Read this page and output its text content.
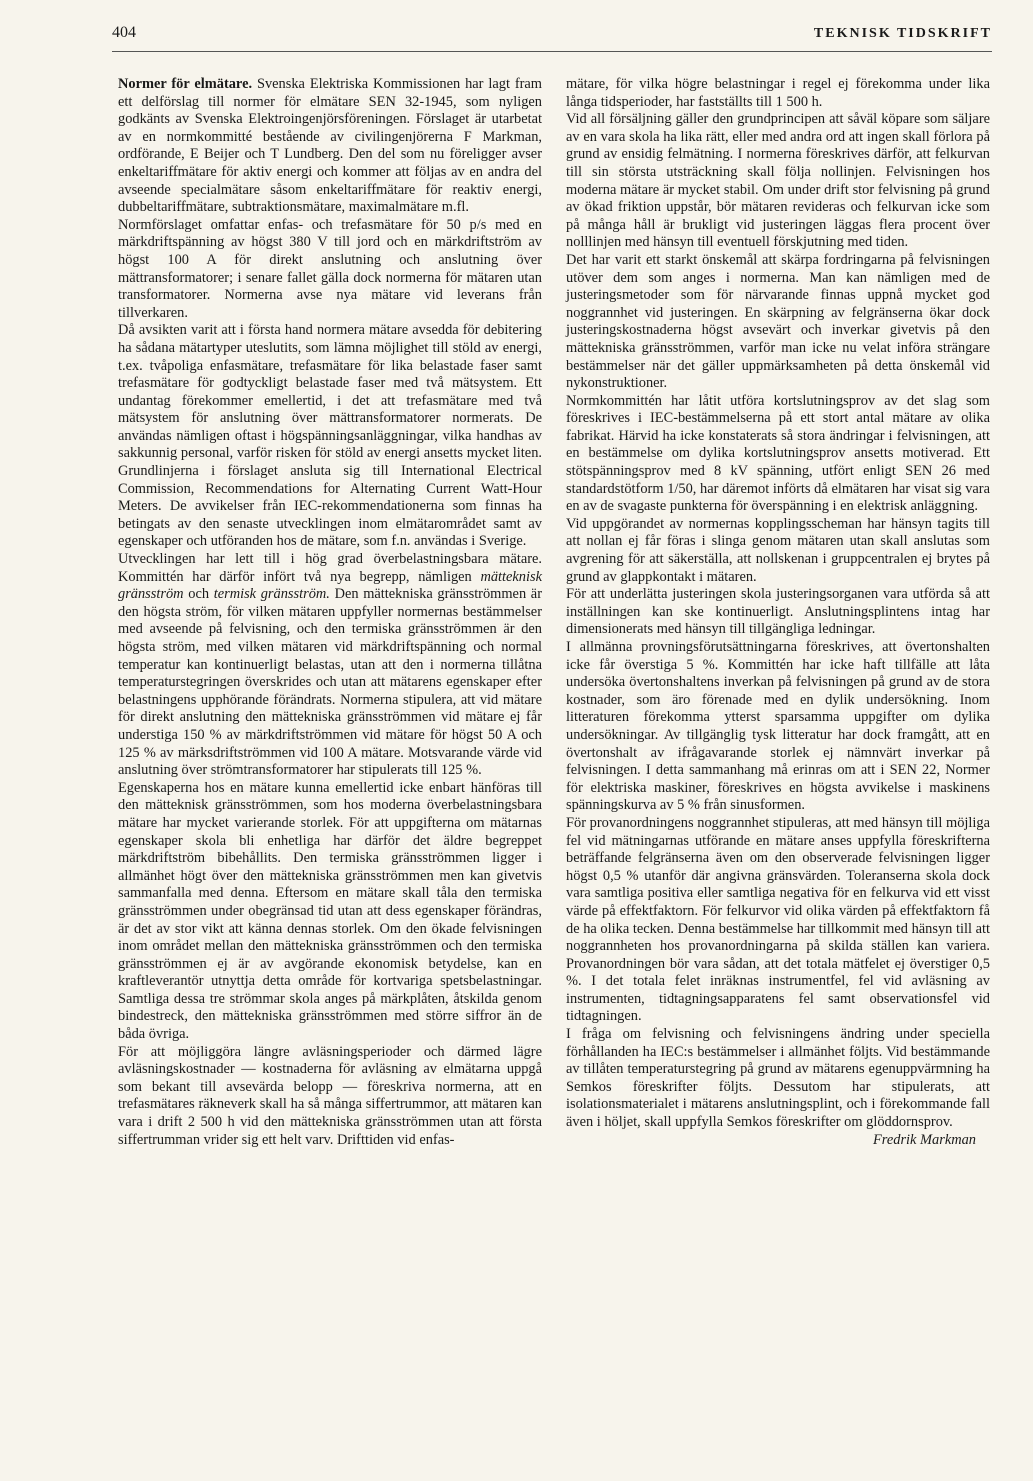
404	TEKNISK TIDSKRIFT

Normer för elmätare. Svenska Elektriska Kommissionen har lagt fram ett delförslag till normer för elmätare SEN 32-1945, som nyligen godkänts av Svenska Elektroingenjörsföreningen. Förslaget är utarbetat av en normkommitté bestående av civilingenjörerna F Markman, ordförande, E Beijer och T Lundberg. Den del som nu föreligger avser enkeltariffmätare för aktiv energi och kommer att följas av en andra del avseende specialmätare såsom enkeltariffmätare för reaktiv energi, dubbeltariffmätare, subtraktionsmätare, maximalmätare m.fl.

Normförslaget omfattar enfas- och trefasmätare för 50 p/s med en märkdriftspänning av högst 380 V till jord och en märkdriftström av högst 100 A för direkt anslutning och anslutning över mättransformatorer; i senare fallet gälla dock normerna för mätaren utan transformatorer. Normerna avse nya mätare vid leverans från tillverkaren.

Då avsikten varit att i första hand normera mätare avsedda för debitering ha sådana mätartyper uteslutits, som lämna möjlighet till stöld av energi, t.ex. tvåpoliga enfasmätare, trefasmätare för lika belastade faser samt trefasmätare för godtyckligt belastade faser med två mätsystem. Ett undantag förekommer emellertid, i det att trefasmätare med två mätsystem för anslutning över mättransformatorer normerats. De användas nämligen oftast i högspänningsanläggningar, vilka handhas av sakkunnig personal, varför risken för stöld av energi ansetts mycket liten. Grundlinjerna i förslaget ansluta sig till International Electrical Commission, Recommendations for Alternating Current Watt-Hour Meters. De avvikelser från IEC-rekommendationerna som finnas ha betingats av den senaste utvecklingen inom elmätarområdet samt av egenskaper och utföranden hos de mätare, som f.n. användas i Sverige.

Utvecklingen har lett till i hög grad överbelastningsbara mätare. Kommittén har därför infört två nya begrepp, nämligen mätteknisk gränsström och termisk gränsström. Den mättekniska gränsströmmen är den högsta ström, för vilken mätaren uppfyller normernas bestämmelser med avseende på felvisning, och den termiska gränsströmmen är den högsta ström, med vilken mätaren vid märkdriftspänning och normal temperatur kan kontinuerligt belastas, utan att den i normerna tillåtna temperaturstegringen överskrides och utan att mätarens egenskaper efter belastningens upphörande förändrats. Normerna stipulera, att vid mätare för direkt anslutning den mättekniska gränsströmmen vid mätare ej får understiga 150 % av märkdriftströmmen vid mätare för högst 50 A och 125 % av märksdriftströmmen vid 100 A mätare. Motsvarande värde vid anslutning över strömtransformatorer har stipulerats till 125 %.

Egenskaperna hos en mätare kunna emellertid icke enbart hänföras till den mätteknisk gränsströmmen, som hos moderna överbelastningsbara mätare har mycket varierande storlek. För att uppgifterna om mätarnas egenskaper skola bli enhetliga har därför det äldre begreppet märkdriftström bibehållits. Den termiska gränsströmmen ligger i allmänhet högt över den mättekniska gränsströmmen men kan givetvis sammanfalla med denna. Eftersom en mätare skall tåla den termiska gränsströmmen under obegränsad tid utan att dess egenskaper förändras, är det av stor vikt att känna dennas storlek. Om den ökade felvisningen inom området mellan den mättekniska gränsströmmen och den termiska gränsströmmen ej är av avgörande ekonomisk betydelse, kan en kraftleverantör utnyttja detta område för kortvariga spetsbelastningar. Samtliga dessa tre strömmar skola anges på märkplåten, åtskilda genom bindestreck, den mättekniska gränsströmmen med större siffror än de båda övriga.

För att möjliggöra längre avläsningsperioder och därmed lägre avläsningskostnader — kostnaderna för avläsning av elmätarna uppgå som bekant till avsevärda belopp — föreskriva normerna, att en trefasmätares räkneverk skall ha så många siffertrummor, att mätaren kan vara i drift 2 500 h vid den mättekniska gränsströmmen utan att första siffertrumman vrider sig ett helt varv. Drifttiden vid enfas-

mätare, för vilka högre belastningar i regel ej förekomma under lika långa tidsperioder, har fastställts till 1 500 h.

Vid all försäljning gäller den grundprincipen att såväl köpare som säljare av en vara skola ha lika rätt, eller med andra ord att ingen skall förlora på grund av ensidig felmätning. I normerna föreskrives därför, att felkurvan till sin största utsträckning skall följa nollinjen. Felvisningen hos moderna mätare är mycket stabil. Om under drift stor felvisning på grund av ökad friktion uppstår, bör mätaren revideras och felkurvan icke som på många håll är brukligt vid justeringen läggas flera procent över nolllinjen med hänsyn till eventuell förskjutning med tiden.

Det har varit ett starkt önskemål att skärpa fordringarna på felvisningen utöver dem som anges i normerna. Man kan nämligen med de justeringsmetoder som för närvarande finnas uppnå mycket god noggrannhet vid justeringen. En skärpning av felgränserna ökar dock justeringskostnaderna högst avsevärt och inverkar givetvis på den mättekniska gränsströmmen, varför man icke nu velat införa strängare bestämmelser när det gäller uppmärksamheten på detta önskemål vid nykonstruktioner.

Normkommittén har låtit utföra kortslutningsprov av det slag som föreskrives i IEC-bestämmelserna på ett stort antal mätare av olika fabrikat. Härvid ha icke konstaterats så stora ändringar i felvisningen, att en bestämmelse om dylika kortslutningsprov ansetts motiverad. Ett stötspänningsprov med 8 kV spänning, utfört enligt SEN 26 med standardstötform 1/50, har däremot införts då elmätaren har visat sig vara en av de svagaste punkterna för överspänning i en elektrisk anläggning.

Vid uppgörandet av normernas kopplingsscheman har hänsyn tagits till att nollan ej får föras i slinga genom mätaren utan skall anslutas som avgrening för att säkerställa, att nollskenan i gruppcentralen ej brytes på grund av glappkontakt i mätaren.

För att underlätta justeringen skola justeringsorganen vara utförda så att inställningen kan ske kontinuerligt. Anslutningsplintens intag har dimensionerats med hänsyn till tillgängliga ledningar.

I allmänna provningsförutsättningarna föreskrives, att övertonshalten icke får överstiga 5 %. Kommittén har icke haft tillfälle att låta undersöka övertonshaltens inverkan på felvisningen på grund av de stora kostnader, som äro förenade med en dylik undersökning. Inom litteraturen förekomma ytterst sparsamma uppgifter om dylika undersökningar. Av tillgänglig tysk litteratur har dock framgått, att en övertonshalt av ifrågavarande storlek ej nämnvärt inverkar på felvisningen. I detta sammanhang må erinras om att i SEN 22, Normer för elektriska maskiner, föreskrives en högsta avvikelse i maskinens spänningskurva av 5 % från sinusformen.

För provanordningens noggrannhet stipuleras, att med hänsyn till möjliga fel vid mätningarnas utförande en mätare anses uppfylla föreskrifterna beträffande felgränserna även om den observerade felvisningen ligger högst 0,5 % utanför där angivna gränsvärden. Toleranserna skola dock vara samtliga positiva eller samtliga negativa för en felkurva vid ett visst värde på effektfaktorn. För felkurvor vid olika värden på effektfaktorn få de ha olika tecken. Denna bestämmelse har tillkommit med hänsyn till att noggrannheten hos provanordningarna på skilda ställen kan variera. Provanordningen bör vara sådan, att det totala mätfelet ej överstiger 0,5 %. I det totala felet inräknas instrumentfel, fel vid avläsning av instrumenten, tidtagningsapparatens fel samt observationsfel vid tidtagningen.

I fråga om felvisning och felvisningens ändring under speciella förhållanden ha IEC:s bestämmelser i allmänhet följts. Vid bestämmande av tillåten temperaturstegring på grund av mätarens egenuppvärmning ha Semkos föreskrifter följts. Dessutom har stipulerats, att isolationsmaterialet i mätarens anslutningsplint, och i förekommande fall även i höljet, skall uppfylla Semkos föreskrifter om glöddornsprov.

Fredrik Markman
